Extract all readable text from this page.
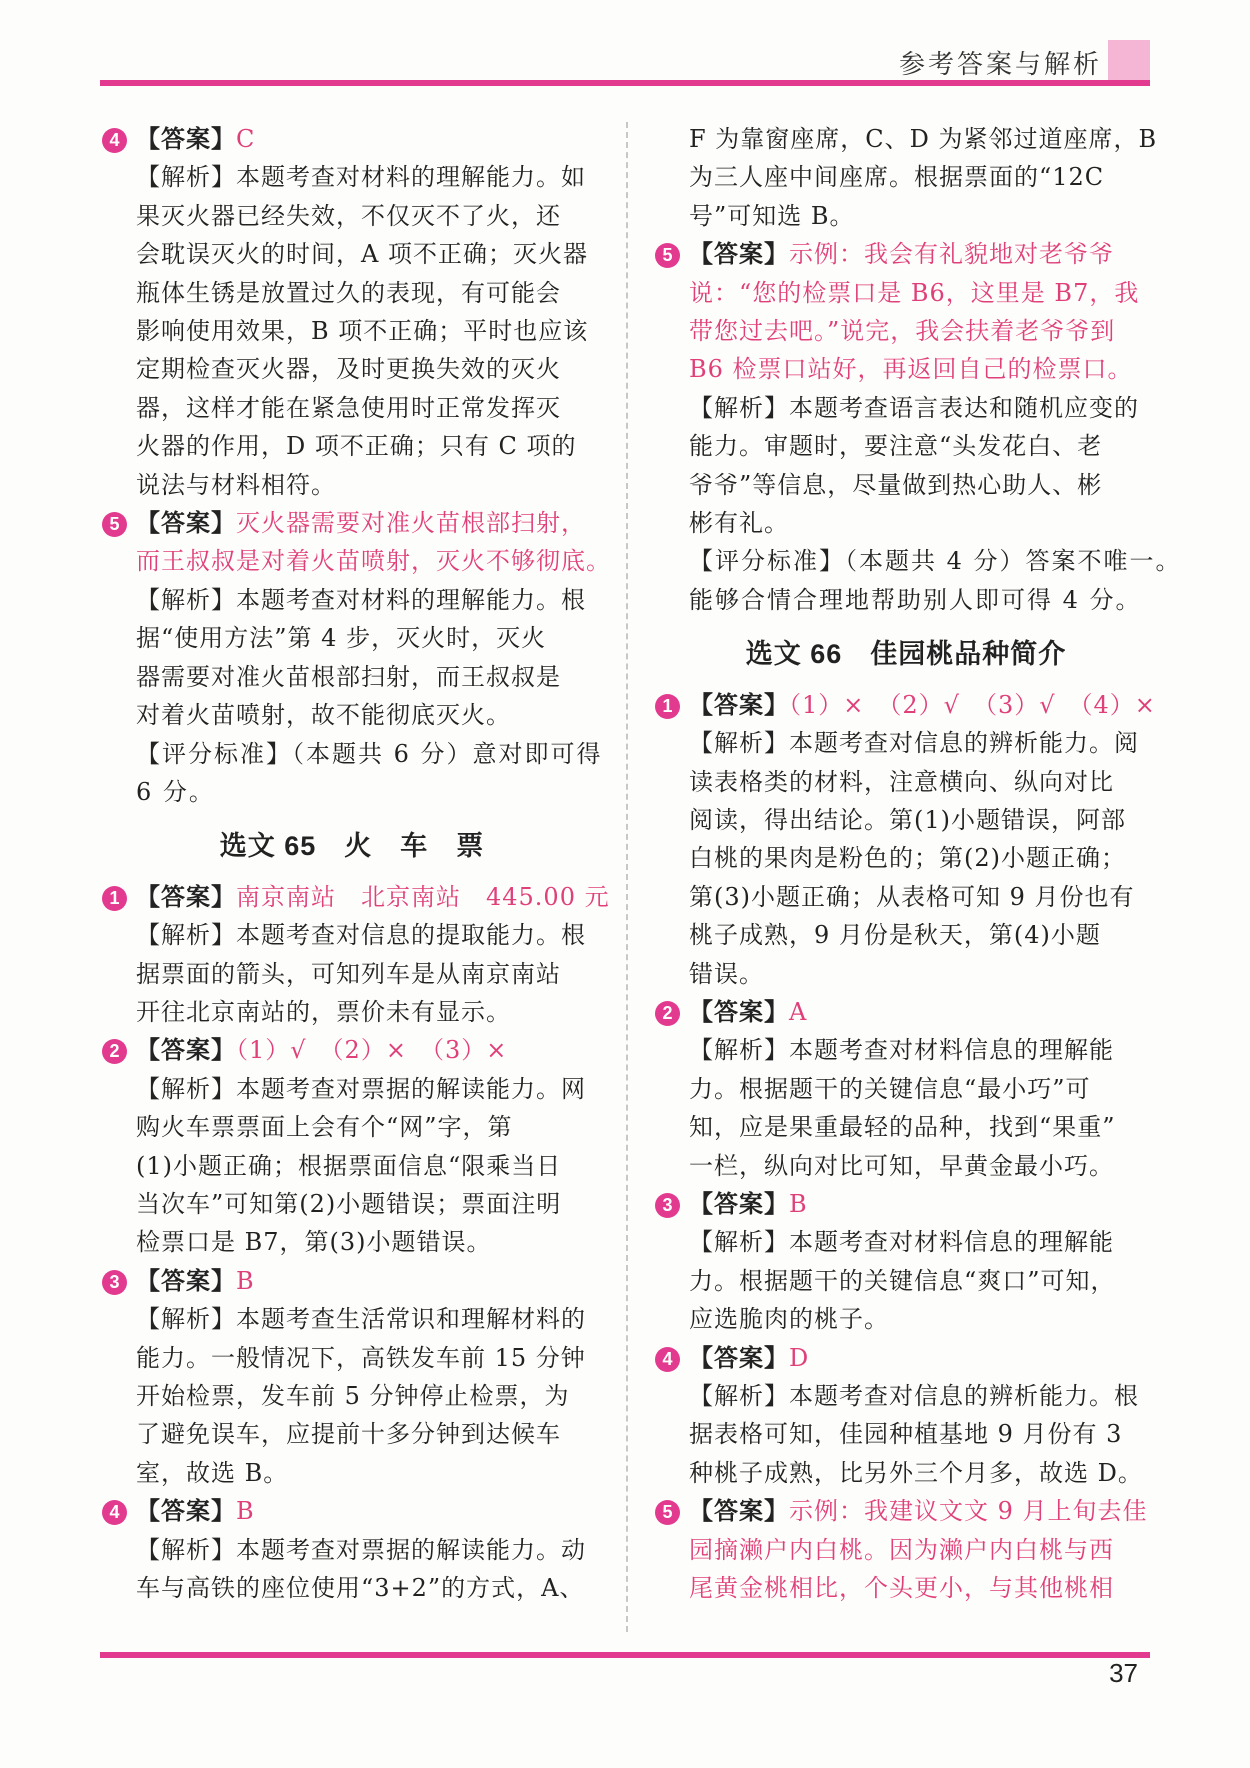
参考答案与解析
4 【答案】C
【解析】本题考查对材料的理解能力。如
果灭火器已经失效，不仅灭不了火，还
会耽误灭火的时间，A 项不正确；灭火器
瓶体生锈是放置过久的表现，有可能会
影响使用效果，B 项不正确；平时也应该
定期检查灭火器，及时更换失效的灭火
器，这样才能在紧急使用时正常发挥灭
火器的作用，D 项不正确；只有 C 项的
说法与材料相符。
5 【答案】灭火器需要对准火苗根部扫射，
而王叔叔是对着火苗喷射，灭火不够彻底。
【解析】本题考查对材料的理解能力。根
据“使用方法”第 4 步，灭火时，灭火
器需要对准火苗根部扫射，而王叔叔是
对着火苗喷射，故不能彻底灭火。
【评分标准】（本题共 6 分）意对即可得
6 分。
选文 65　火　车　票
1 【答案】南京南站　北京南站　445.00 元
【解析】本题考查对信息的提取能力。根
据票面的箭头，可知列车是从南京南站
开往北京南站的，票价未有显示。
2 【答案】（1）√　（2）×　（3）×
【解析】本题考查对票据的解读能力。网
购火车票票面上会有个“网”字，第
(1)小题正确；根据票面信息“限乘当日
当次车”可知第(2)小题错误；票面注明
检票口是 B7，第(3)小题错误。
3 【答案】B
【解析】本题考查生活常识和理解材料的
能力。一般情况下，高铁发车前 15 分钟
开始检票，发车前 5 分钟停止检票，为
了避免误车，应提前十多分钟到达候车
室，故选 B。
4 【答案】B
【解析】本题考查对票据的解读能力。动
车与高铁的座位使用“3+2”的方式，A、
F 为靠窗座席，C、D 为紧邻过道座席，B
为三人座中间座席。根据票面的“12C
号”可知选 B。
5 【答案】示例：我会有礼貌地对老爷爷
说：“您的检票口是 B6，这里是 B7，我
带您过去吧。”说完，我会扶着老爷爷到
B6 检票口站好，再返回自己的检票口。
【解析】本题考查语言表达和随机应变的
能力。审题时，要注意“头发花白、老
爷爷”等信息，尽量做到热心助人、彬
彬有礼。
【评分标准】（本题共 4 分）答案不唯一。
能够合情合理地帮助别人即可得 4 分。
选文 66　佳园桃品种简介
1 【答案】（1）×　（2）√　（3）√　（4）×
【解析】本题考查对信息的辨析能力。阅
读表格类的材料，注意横向、纵向对比
阅读，得出结论。第(1)小题错误，阿部
白桃的果肉是粉色的；第(2)小题正确；
第(3)小题正确；从表格可知 9 月份也有
桃子成熟，9 月份是秋天，第(4)小题
错误。
2 【答案】A
【解析】本题考查对材料信息的理解能
力。根据题干的关键信息“最小巧”可
知，应是果重最轻的品种，找到“果重”
一栏，纵向对比可知，早黄金最小巧。
3 【答案】B
【解析】本题考查对材料信息的理解能
力。根据题干的关键信息“爽口”可知，
应选脆肉的桃子。
4 【答案】D
【解析】本题考查对信息的辨析能力。根
据表格可知，佳园种植基地 9 月份有 3
种桃子成熟，比另外三个月多，故选 D。
5 【答案】示例：我建议文文 9 月上旬去佳
园摘濑户内白桃。因为濑户内白桃与西
尾黄金桃相比，个头更小，与其他桃相
37
